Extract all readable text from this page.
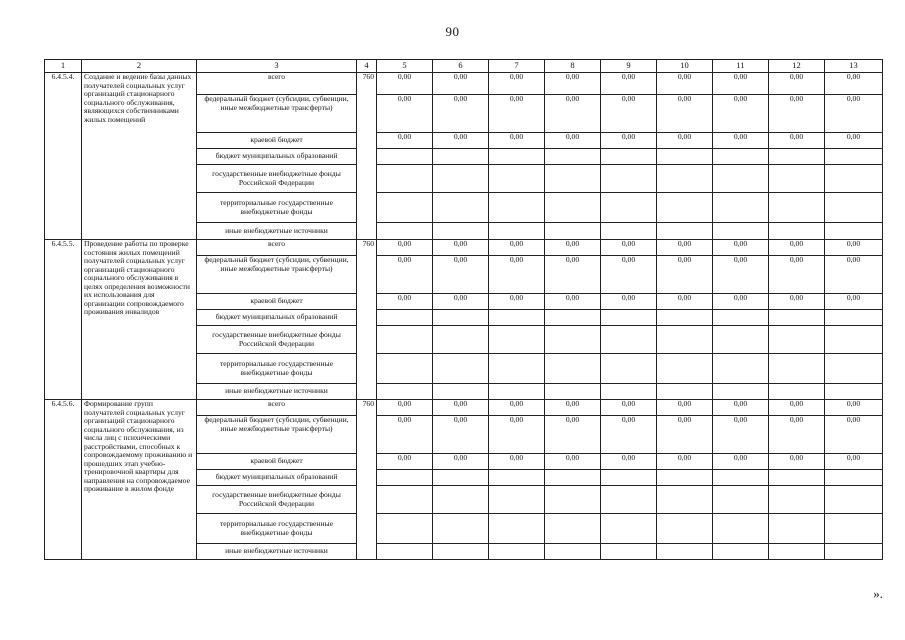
90
1	2	3	4	5	6	7	8	9	10	11	12	13
6.4.5.4.	Создание и ведение базы данных получателей социальных услуг организаций стационарного социального обслуживания, являющихся собственниками жилых помещений	всего	760	0,00	0,00	0,00	0,00	0,00	0,00	0,00	0,00	0,00
		федеральный бюджет (субсидии, субвенции, иные межбюджетные трансферты)		0,00	0,00	0,00	0,00	0,00	0,00	0,00	0,00	0,00
		краевой бюджет		0,00	0,00	0,00	0,00	0,00	0,00	0,00	0,00	0,00
		бюджет муниципальных образований										
		государственные внебюджетные фонды Российской Федерации										
		территориальные государственные внебюджетные фонды										
		иные внебюджетные источники										
6.4.5.5.	Проведение работы по проверке состояния жилых помещений получателей социальных услуг организаций стационарного социального обслуживания в целях определения возможности их использования для организации сопровождаемого проживания инвалидов	всего	760	0,00	0,00	0,00	0,00	0,00	0,00	0,00	0,00	0,00
		федеральный бюджет (субсидии, субвенции, иные межбюджетные трансферты)		0,00	0,00	0,00	0,00	0,00	0,00	0,00	0,00	0,00
		краевой бюджет		0,00	0,00	0,00	0,00	0,00	0,00	0,00	0,00	0,00
		бюджет муниципальных образований										
		государственные внебюджетные фонды Российской Федерации										
		территориальные государственные внебюджетные фонды										
		иные внебюджетные источники										
6.4.5.6.	Формирование групп получателей социальных услуг организаций стационарного социального обслуживания, из числа лиц с психическими расстройствами, способных к сопровождаемому проживанию и прошедших этап учебно-тренировочной квартиры для направления на сопровождаемое проживание в жилом фонде	всего	760	0,00	0,00	0,00	0,00	0,00	0,00	0,00	0,00	0,00
		федеральный бюджет (субсидии, субвенции, иные межбюджетные трансферты)		0,00	0,00	0,00	0,00	0,00	0,00	0,00	0,00	0,00
		краевой бюджет		0,00	0,00	0,00	0,00	0,00	0,00	0,00	0,00	0,00
		бюджет муниципальных образований										
		государственные внебюджетные фонды Российской Федерации										
		территориальные государственные внебюджетные фонды										
		иные внебюджетные источники										
».
